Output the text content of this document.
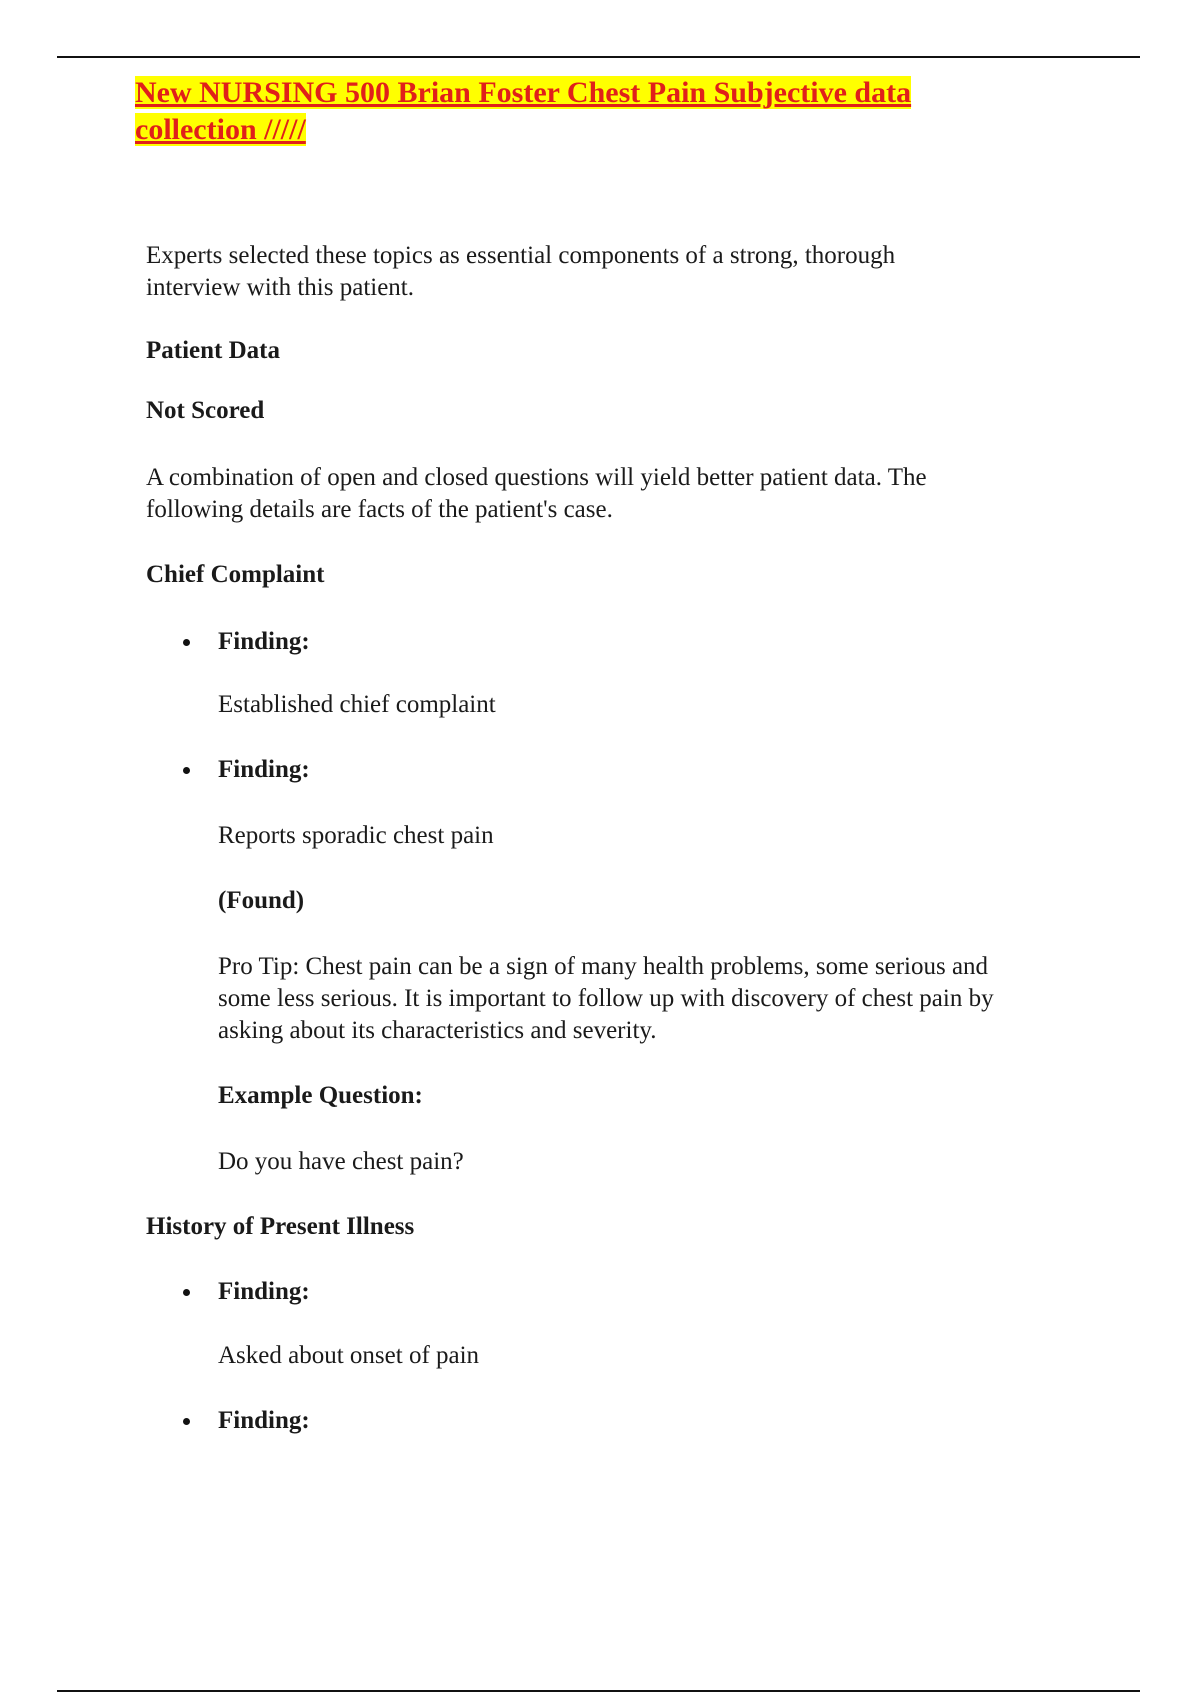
New NURSING 500 Brian Foster Chest Pain Subjective data
collection /////
Experts selected these topics as essential components of a strong, thorough
interview with this patient.
Patient Data
Not Scored
A combination of open and closed questions will yield better patient data. The
following details are facts of the patient's case.
Chief Complaint
Finding:
Established chief complaint
Finding:
Reports sporadic chest pain
(Found)
Pro Tip: Chest pain can be a sign of many health problems, some serious and
some less serious. It is important to follow up with discovery of chest pain by
asking about its characteristics and severity.
Example Question:
Do you have chest pain?
History of Present Illness
Finding:
Asked about onset of pain
Finding:
